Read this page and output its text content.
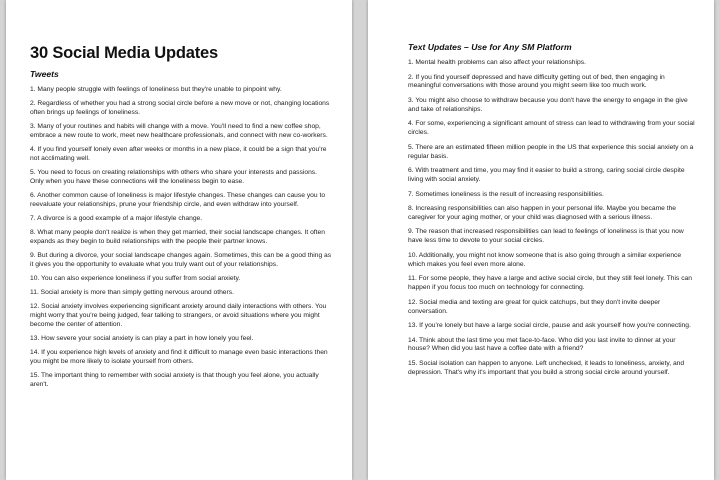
30 Social Media Updates
Tweets

1. Many people struggle with feelings of loneliness but they're unable to pinpoint why.

2. Regardless of whether you had a strong social circle before a new move or not, changing locations often brings up feelings of loneliness.

3. Many of your routines and habits will change with a move. You'll need to find a new coffee shop, embrace a new route to work, meet new healthcare professionals, and connect with new co-workers.

4. If you find yourself lonely even after weeks or months in a new place, it could be a sign that you're not acclimating well.

5. You need to focus on creating relationships with others who share your interests and passions. Only when you have these connections will the loneliness begin to ease.

6. Another common cause of loneliness is major lifestyle changes. These changes can cause you to reevaluate your relationships, prune your friendship circle, and even withdraw into yourself.

7. A divorce is a good example of a major lifestyle change.

8. What many people don't realize is when they get married, their social landscape changes. It often expands as they begin to build relationships with the people their partner knows.

9. But during a divorce, your social landscape changes again. Sometimes, this can be a good thing as it gives you the opportunity to evaluate what you truly want out of your relationships.

10. You can also experience loneliness if you suffer from social anxiety.

11. Social anxiety is more than simply getting nervous around others.

12. Social anxiety involves experiencing significant anxiety around daily interactions with others. You might worry that you're being judged, fear talking to strangers, or avoid situations where you might become the center of attention.

13. How severe your social anxiety is can play a part in how lonely you feel.

14. If you experience high levels of anxiety and find it difficult to manage even basic interactions then you might be more likely to isolate yourself from others.

15. The important thing to remember with social anxiety is that though you feel alone, you actually aren't.

Text Updates – Use for Any SM Platform

1. Mental health problems can also affect your relationships.

2. If you find yourself depressed and have difficulty getting out of bed, then engaging in meaningful conversations with those around you might seem like too much work.

3. You might also choose to withdraw because you don't have the energy to engage in the give and take of relationships.

4. For some, experiencing a significant amount of stress can lead to withdrawing from your social circles.

5. There are an estimated fifteen million people in the US that experience this social anxiety on a regular basis.

6. With treatment and time, you may find it easier to build a strong, caring social circle despite living with social anxiety.

7. Sometimes loneliness is the result of increasing responsibilities.

8. Increasing responsibilities can also happen in your personal life. Maybe you became the caregiver for your aging mother, or your child was diagnosed with a serious illness.

9. The reason that increased responsibilities can lead to feelings of loneliness is that you now have less time to devote to your social circles.

10. Additionally, you might not know someone that is also going through a similar experience which makes you feel even more alone.

11. For some people, they have a large and active social circle, but they still feel lonely. This can happen if you focus too much on technology for connecting.

12. Social media and texting are great for quick catchups, but they don't invite deeper conversation.

13. If you're lonely but have a large social circle, pause and ask yourself how you're connecting.

14. Think about the last time you met face-to-face. Who did you last invite to dinner at your house? When did you last have a coffee date with a friend?

15. Social isolation can happen to anyone. Left unchecked, it leads to loneliness, anxiety, and depression. That's why it's important that you build a strong social circle around yourself.
